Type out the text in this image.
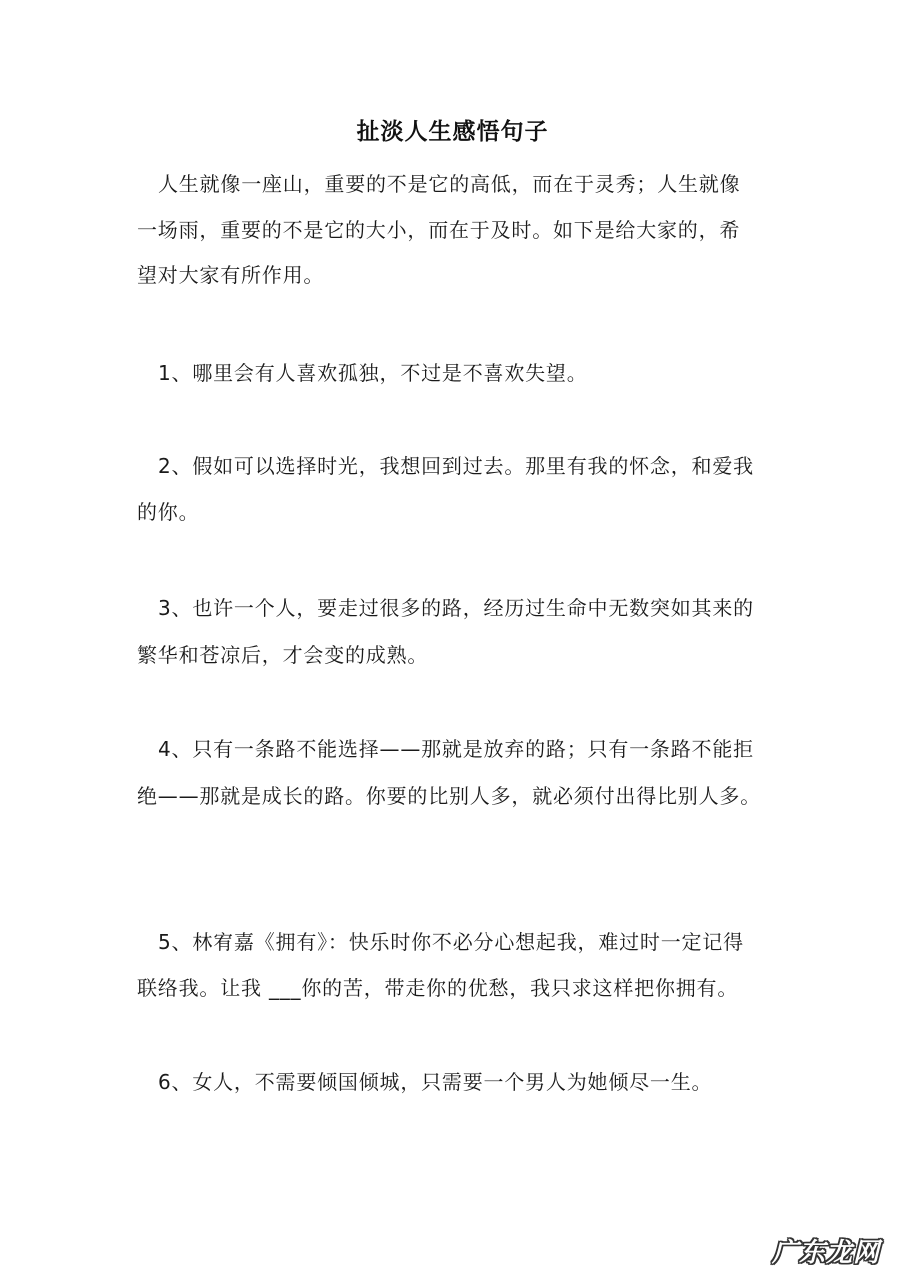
扯淡人生感悟句子
人生就像一座山，重要的不是它的高低，而在于灵秀；人生就像
一场雨，重要的不是它的大小，而在于及时。如下是给大家的，希
望对大家有所作用。
1、哪里会有人喜欢孤独，不过是不喜欢失望。
2、假如可以选择时光，我想回到过去。那里有我的怀念，和爱我
的你。
3、也许一个人，要走过很多的路，经历过生命中无数突如其来的
繁华和苍凉后，才会变的成熟。
4、只有一条路不能选择——那就是放弃的路；只有一条路不能拒
绝——那就是成长的路。你要的比别人多，就必须付出得比别人多。
5、林宥嘉《拥有》：快乐时你不必分心想起我，难过时一定记得
联络我。让我 ___你的苦，带走你的优愁，我只求这样把你拥有。
6、女人，不需要倾国倾城，只需要一个男人为她倾尽一生。
广东龙网
